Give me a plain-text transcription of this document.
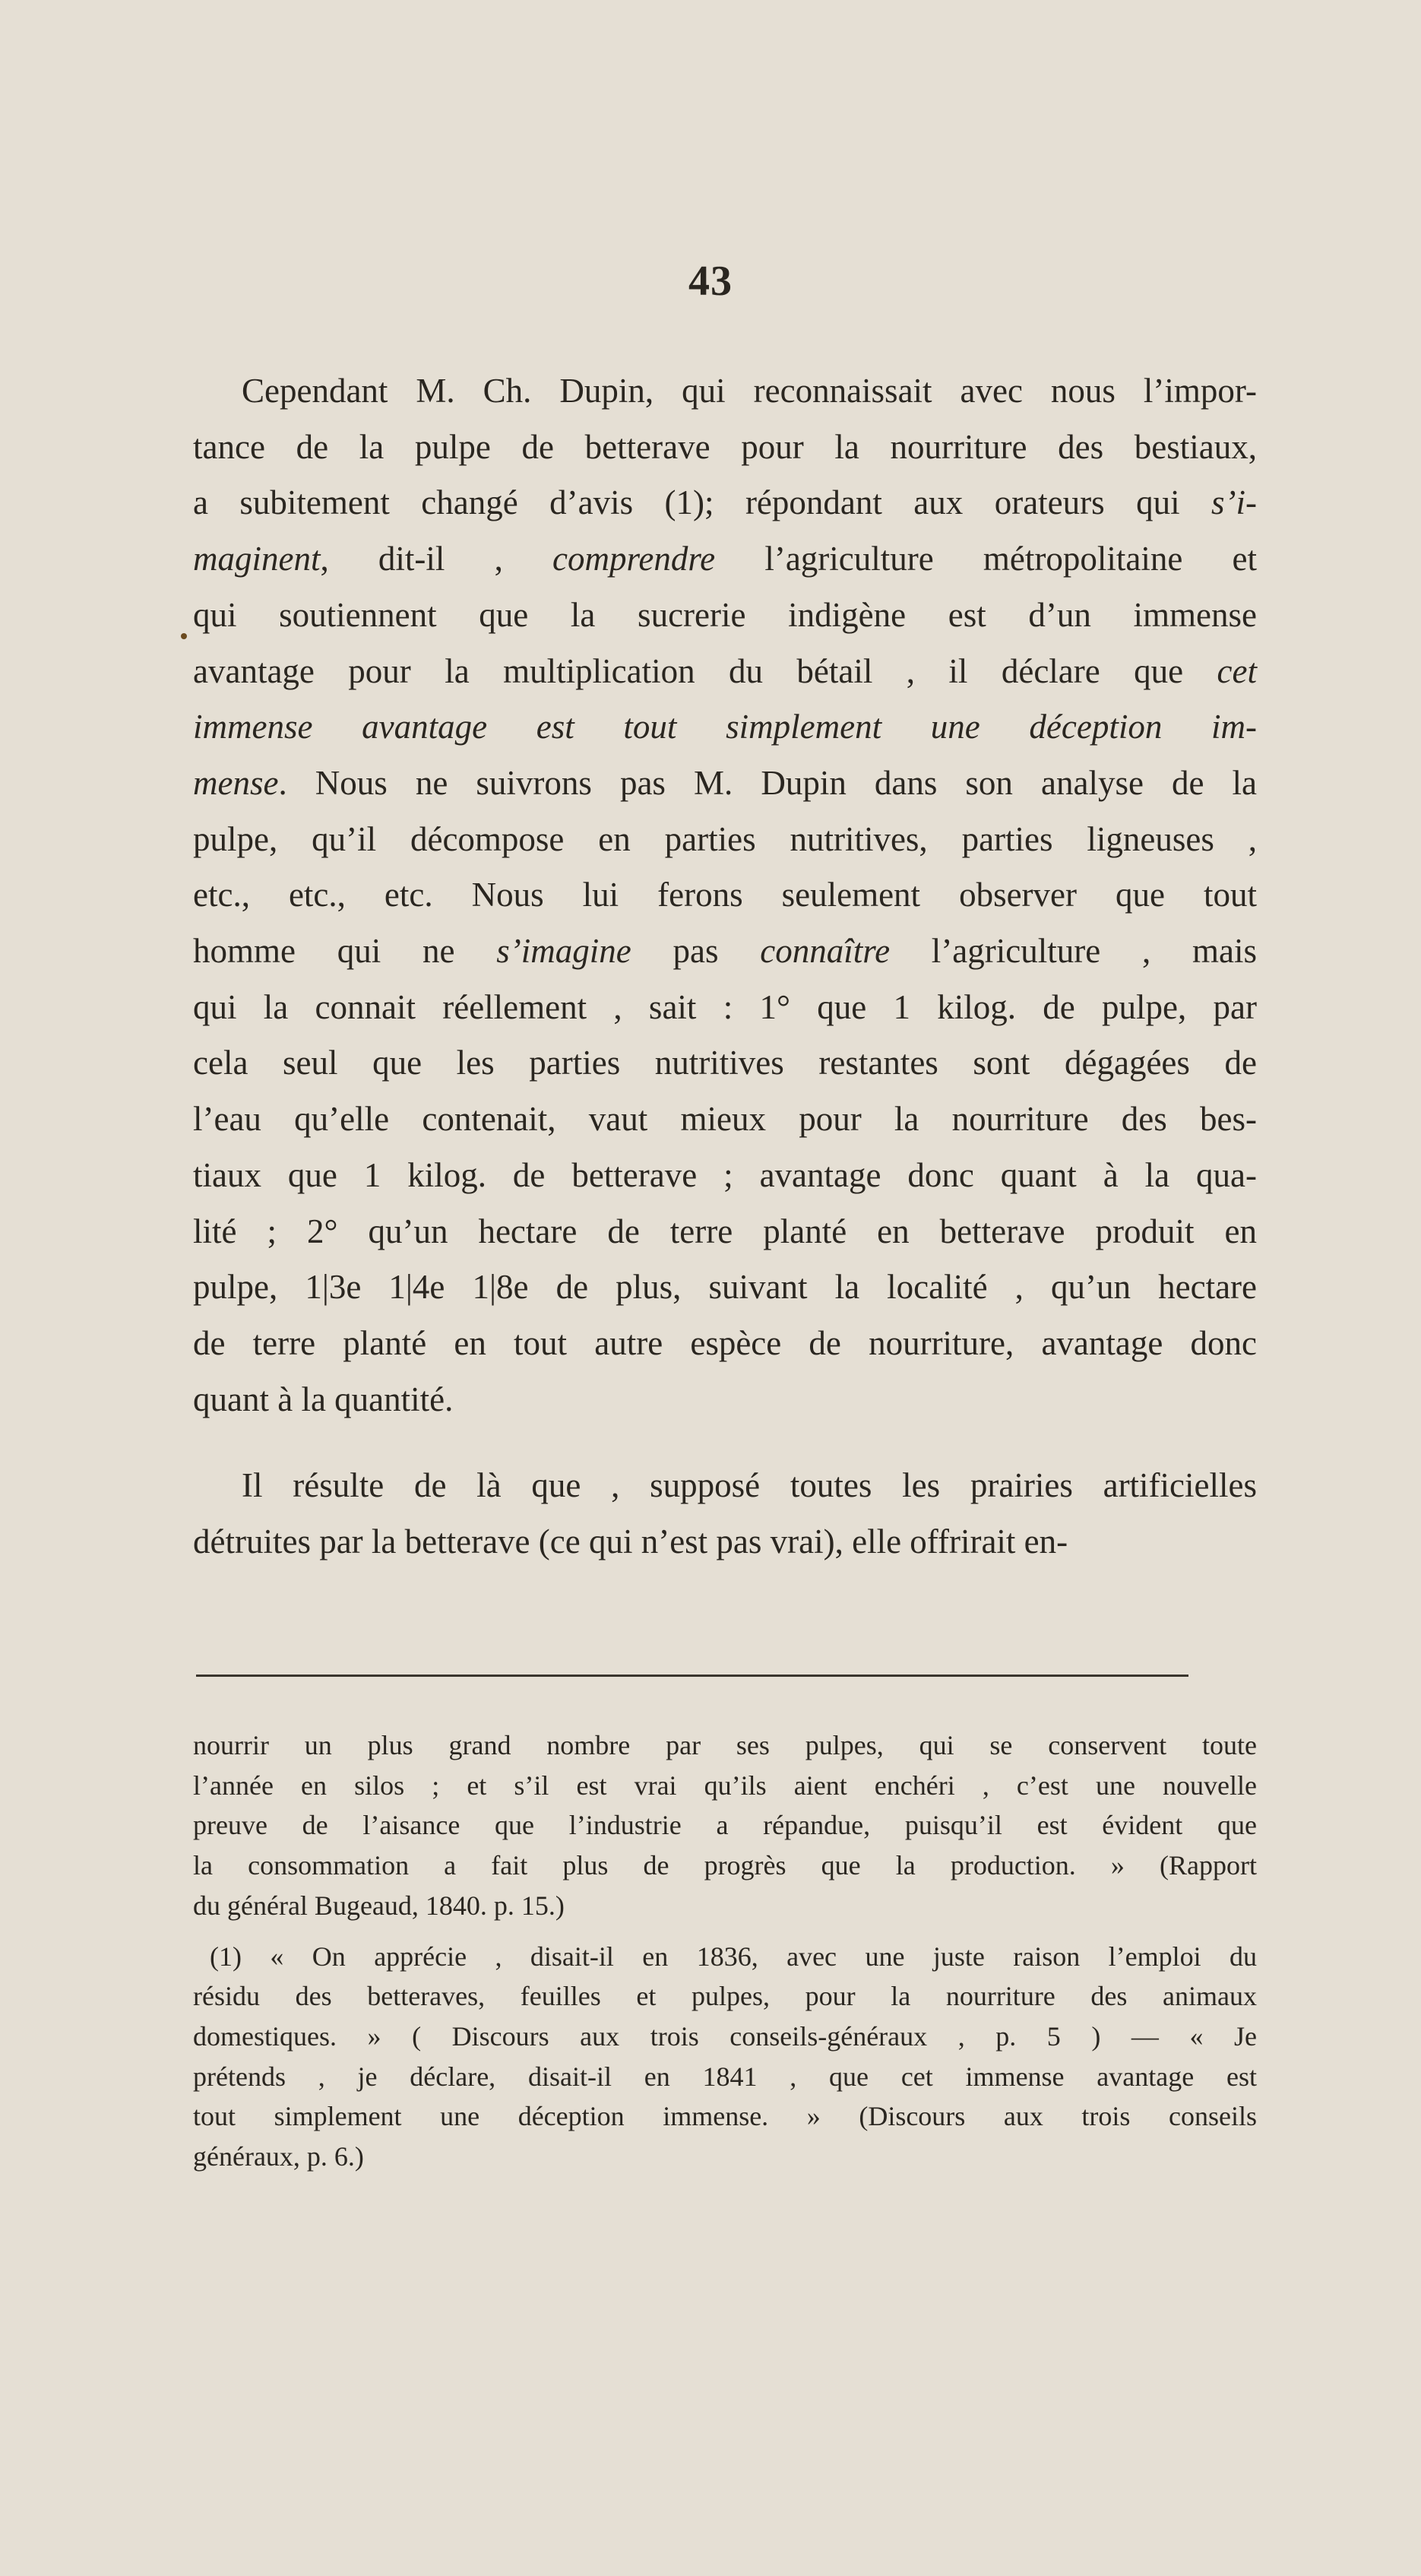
43

Cependant M. Ch. Dupin, qui reconnaissait avec nous l’impor-
tance de la pulpe de betterave pour la nourriture des bestiaux,
a subitement changé d’avis (1); répondant aux orateurs qui s’i-
maginent, dit-il , comprendre l’agriculture métropolitaine et
qui soutiennent que la sucrerie indigène est d’un immense
avantage pour la multiplication du bétail , il déclare que cet
immense avantage est tout simplement une déception im-
mense. Nous ne suivrons pas M. Dupin dans son analyse de la
pulpe, qu’il décompose en parties nutritives, parties ligneuses ,
etc., etc., etc. Nous lui ferons seulement observer que tout
homme qui ne s’imagine pas connaître l’agriculture , mais
qui la connait réellement , sait : 1° que 1 kilog. de pulpe, par
cela seul que les parties nutritives restantes sont dégagées de
l’eau qu’elle contenait, vaut mieux pour la nourriture des bes-
tiaux que 1 kilog. de betterave ; avantage donc quant à la qua-
lité ; 2° qu’un hectare de terre planté en betterave produit en
pulpe, 1|3e 1|4e 1|8e de plus, suivant la localité , qu’un hectare
de terre planté en tout autre espèce de nourriture, avantage donc
quant à la quantité.

Il résulte de là que , supposé toutes les prairies artificielles
détruites par la betterave (ce qui n’est pas vrai), elle offrirait en-

nourrir un plus grand nombre par ses pulpes, qui se conservent toute
l’année en silos ; et s’il est vrai qu’ils aient enchéri , c’est une nouvelle
preuve de l’aisance que l’industrie a répandue, puisqu’il est évident que
la consommation a fait plus de progrès que la production. » (Rapport
du général Bugeaud, 1840. p. 15.)
(1) « On apprécie , disait-il en 1836, avec une juste raison l’emploi du
résidu des betteraves, feuilles et pulpes, pour la nourriture des animaux
domestiques. » ( Discours aux trois conseils-généraux , p. 5 ) — « Je
prétends , je déclare, disait-il en 1841 , que cet immense avantage est
tout simplement une déception immense. » (Discours aux trois conseils
généraux, p. 6.)
